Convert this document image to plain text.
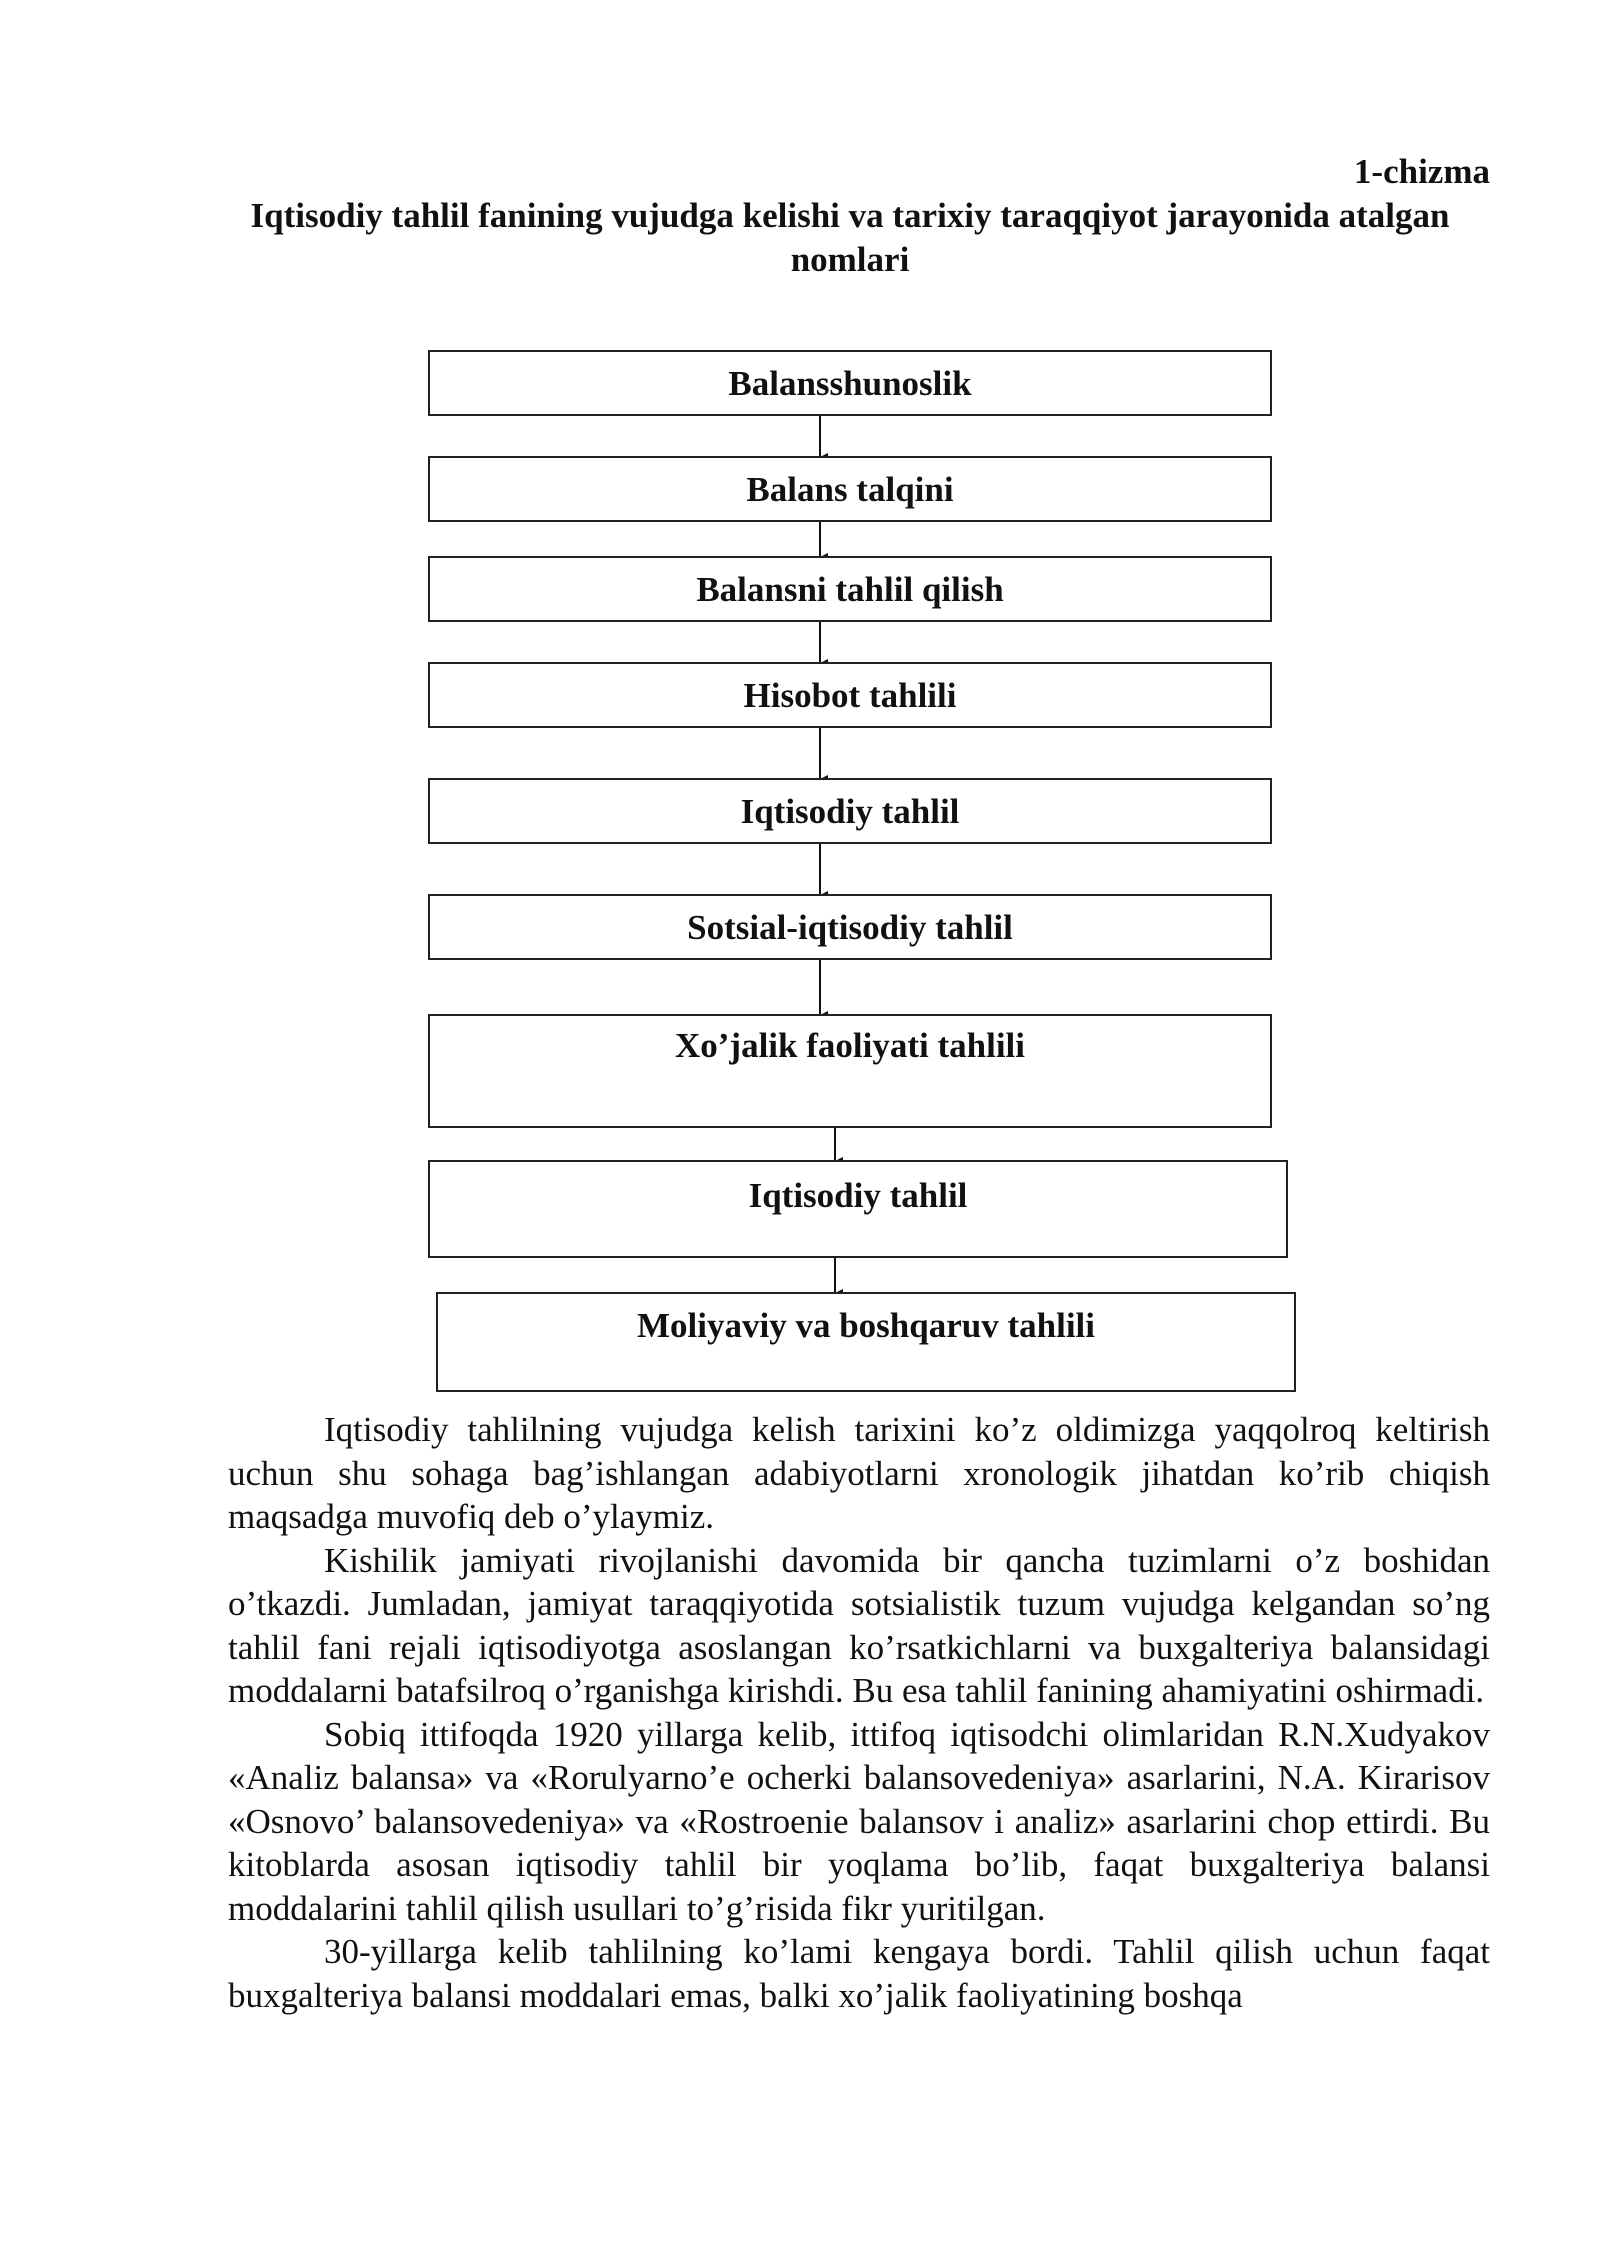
1-chizma
Iqtisodiy tahlil fanining vujudga kelishi va tarixiy taraqqiyot jarayonida atalgan nomlari
Balansshunoslik
Balans talqini
Balansni tahlil qilish
Hisobot tahlili
Iqtisodiy tahlil
Sotsial-iqtisodiy tahlil
Xo’jalik faoliyati tahlili
Iqtisodiy tahlil
Moliyaviy va boshqaruv tahlili

Iqtisodiy tahlilning vujudga kelish tarixini ko’z oldimizga yaqqolroq keltirish uchun shu sohaga bag’ishlangan adabiyotlarni xronologik jihatdan ko’rib chiqish maqsadga muvofiq deb o’ylaymiz.

Kishilik jamiyati rivojlanishi davomida bir qancha tuzimlarni o’z boshidan o’tkazdi. Jumladan, jamiyat taraqqiyotida sotsialistik tuzum vujudga kelgandan so’ng tahlil fani rejali iqtisodiyotga asoslangan ko’rsatkichlarni va buxgalteriya balansidagi moddalarni batafsilroq o’rganishga kirishdi. Bu esa tahlil fanining ahamiyatini oshirmadi.

Sobiq ittifoqda 1920 yillarga kelib, ittifoq iqtisodchi olimlaridan R.N.Xudyakov «Analiz balansa» va «Rorulyarno’e ocherki balansovedeniya» asarlarini, N.A. Kirarisov «Osnovo’ balansovedeniya» va «Rostroenie balansov i analiz» asarlarini chop ettirdi. Bu kitoblarda asosan iqtisodiy tahlil bir yoqlama bo’lib, faqat buxgalteriya balansi moddalarini tahlil qilish usullari to’g’risida fikr yuritilgan.

30-yillarga kelib tahlilning ko’lami kengaya bordi. Tahlil qilish uchun faqat buxgalteriya balansi moddalari emas, balki xo’jalik faoliyatining boshqa
